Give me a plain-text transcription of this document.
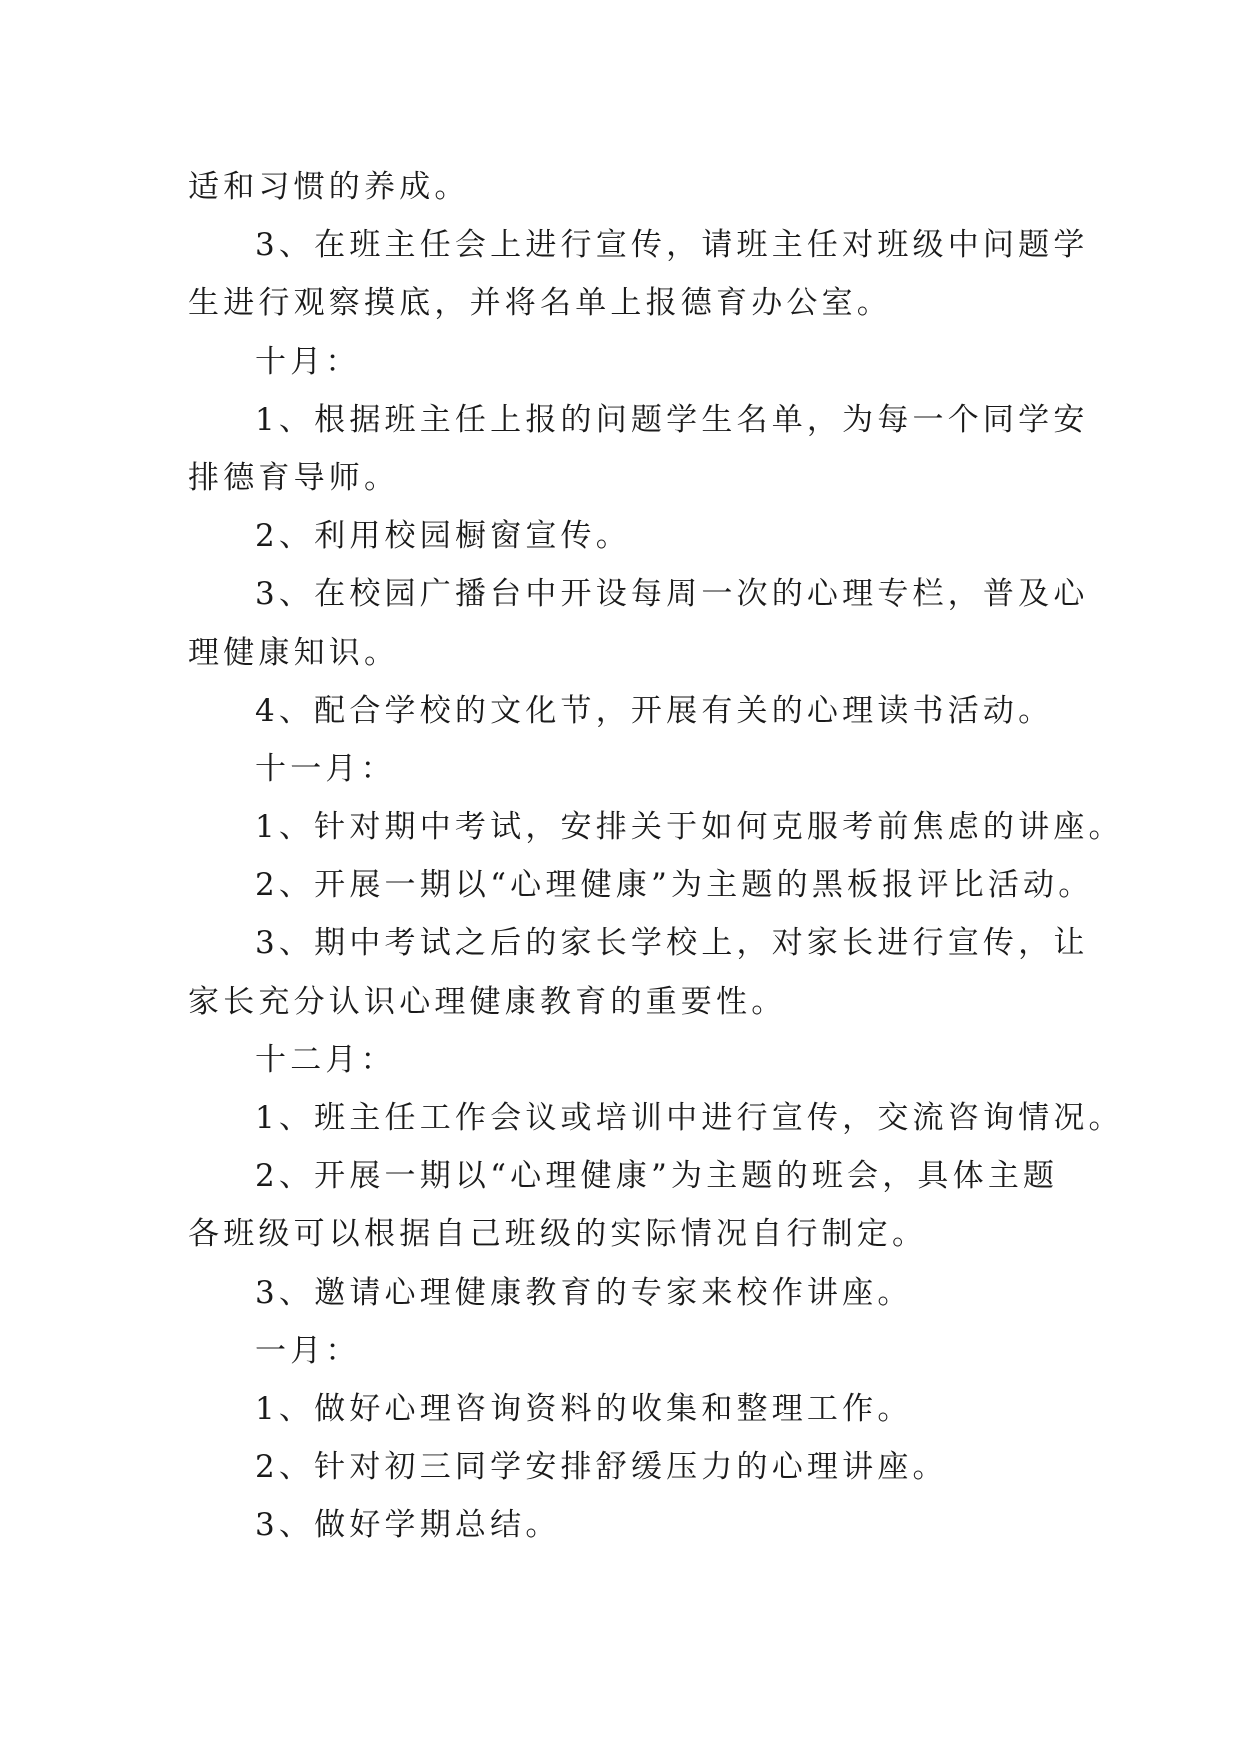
适和习惯的养成。
3、在班主任会上进行宣传，请班主任对班级中问题学
生进行观察摸底，并将名单上报德育办公室。
十月：
1、根据班主任上报的问题学生名单，为每一个同学安
排德育导师。
2、利用校园橱窗宣传。
3、在校园广播台中开设每周一次的心理专栏，普及心
理健康知识。
4、配合学校的文化节，开展有关的心理读书活动。
十一月：
1、针对期中考试，安排关于如何克服考前焦虑的讲座。
2、开展一期以“心理健康”为主题的黑板报评比活动。
3、期中考试之后的家长学校上，对家长进行宣传，让
家长充分认识心理健康教育的重要性。
十二月：
1、班主任工作会议或培训中进行宣传，交流咨询情况。
2、开展一期以“心理健康”为主题的班会，具体主题
各班级可以根据自己班级的实际情况自行制定。
3、邀请心理健康教育的专家来校作讲座。
一月：
1、做好心理咨询资料的收集和整理工作。
2、针对初三同学安排舒缓压力的心理讲座。
3、做好学期总结。
